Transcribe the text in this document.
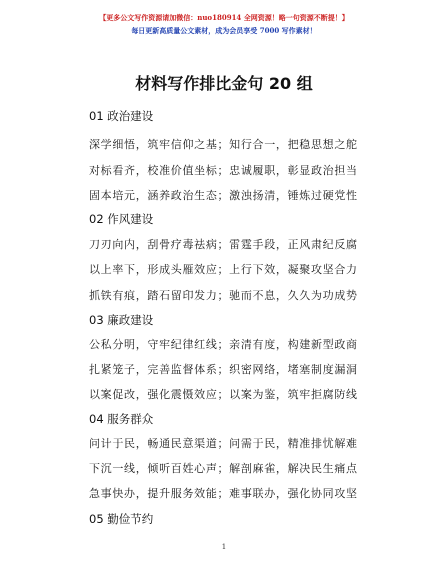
【更多公文写作资源请加微信：nuo180914 全网资源！略一句资源不断提！】
每日更新高质量公文素材，成为会员享受 7000 写作素材！
材料写作排比金句 20 组
01 政治建设
深学细悟，筑牢信仰之基；知行合一，把稳思想之舵
对标看齐，校准价值坐标；忠诚履职，彰显政治担当
固本培元，涵养政治生态；激浊扬清，锤炼过硬党性
02 作风建设
刀刃向内，刮骨疗毒祛病；雷霆手段，正风肃纪反腐
以上率下，形成头雁效应；上行下效，凝聚攻坚合力
抓铁有痕，踏石留印发力；驰而不息，久久为功成势
03 廉政建设
公私分明，守牢纪律红线；亲清有度，构建新型政商
扎紧笼子，完善监督体系；织密网络，堵塞制度漏洞
以案促改，强化震慑效应；以案为鉴，筑牢拒腐防线
04 服务群众
问计于民，畅通民意渠道；问需于民，精准排忧解难
下沉一线，倾听百姓心声；解剖麻雀，解决民生痛点
急事快办，提升服务效能；难事联办，强化协同攻坚
05 勤俭节约
1
